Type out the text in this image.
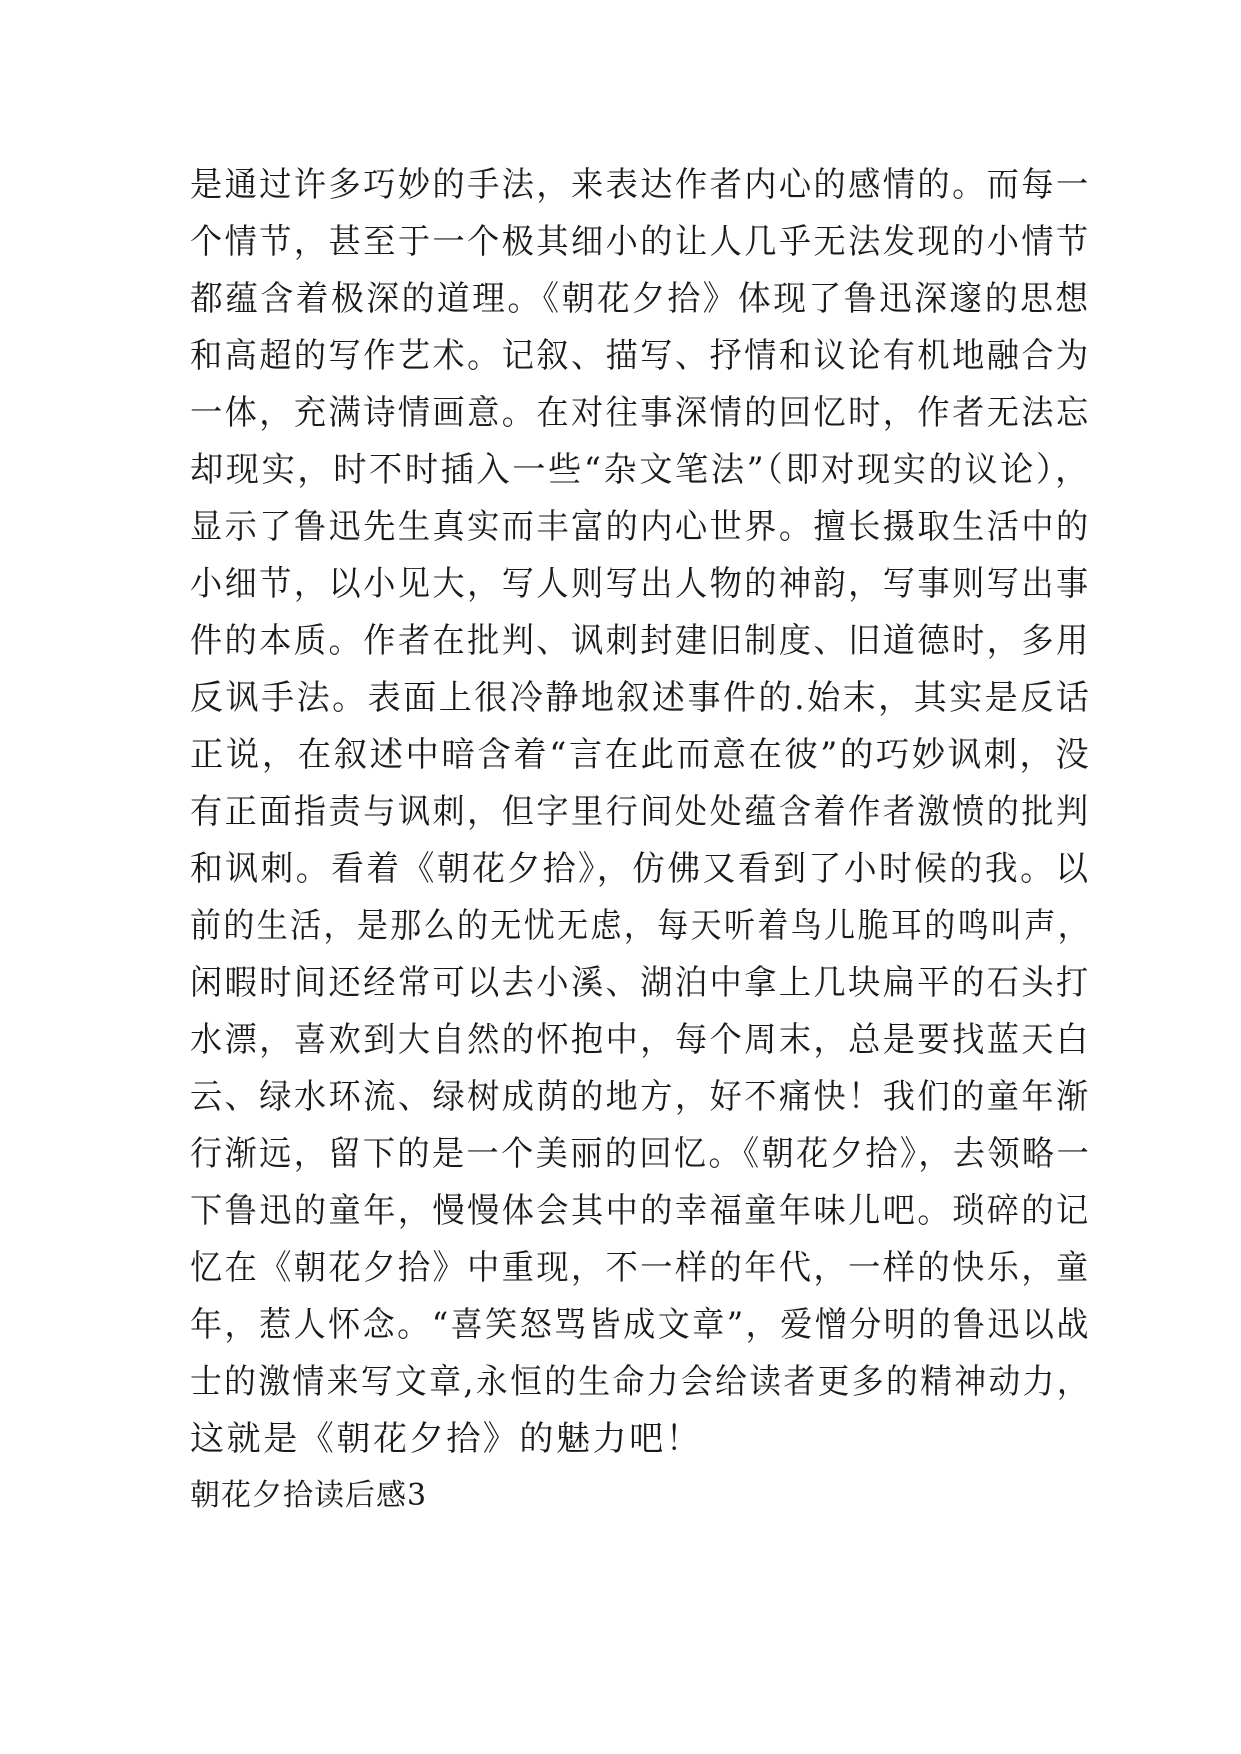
是通过许多巧妙的手法，来表达作者内心的感情的。而每一
个情节，甚至于一个极其细小的让人几乎无法发现的小情节
都蕴含着极深的道理。《朝花夕拾》体现了鲁迅深邃的思想
和高超的写作艺术。记叙、描写、抒情和议论有机地融合为
一体，充满诗情画意。在对往事深情的回忆时，作者无法忘
却现实，时不时插入一些“杂文笔法”（即对现实的议论），
显示了鲁迅先生真实而丰富的内心世界。擅长摄取生活中的
小细节，以小见大，写人则写出人物的神韵，写事则写出事
件的本质。作者在批判、讽刺封建旧制度、旧道德时，多用
反讽手法。表面上很冷静地叙述事件的.始末，其实是反话
正说，在叙述中暗含着“言在此而意在彼”的巧妙讽刺，没
有正面指责与讽刺，但字里行间处处蕴含着作者激愤的批判
和讽刺。看着《朝花夕拾》，仿佛又看到了小时候的我。以
前的生活，是那么的无忧无虑，每天听着鸟儿脆耳的鸣叫声，
闲暇时间还经常可以去小溪、湖泊中拿上几块扁平的石头打
水漂，喜欢到大自然的怀抱中，每个周末，总是要找蓝天白
云、绿水环流、绿树成荫的地方，好不痛快！我们的童年渐
行渐远，留下的是一个美丽的回忆。《朝花夕拾》，去领略一
下鲁迅的童年，慢慢体会其中的幸福童年味儿吧。琐碎的记
忆在《朝花夕拾》中重现，不一样的年代，一样的快乐，童
年，惹人怀念。“喜笑怒骂皆成文章”，爱憎分明的鲁迅以战
士的激情来写文章,永恒的生命力会给读者更多的精神动力，
这就是《朝花夕拾》的魅力吧！
朝花夕拾读后感3
